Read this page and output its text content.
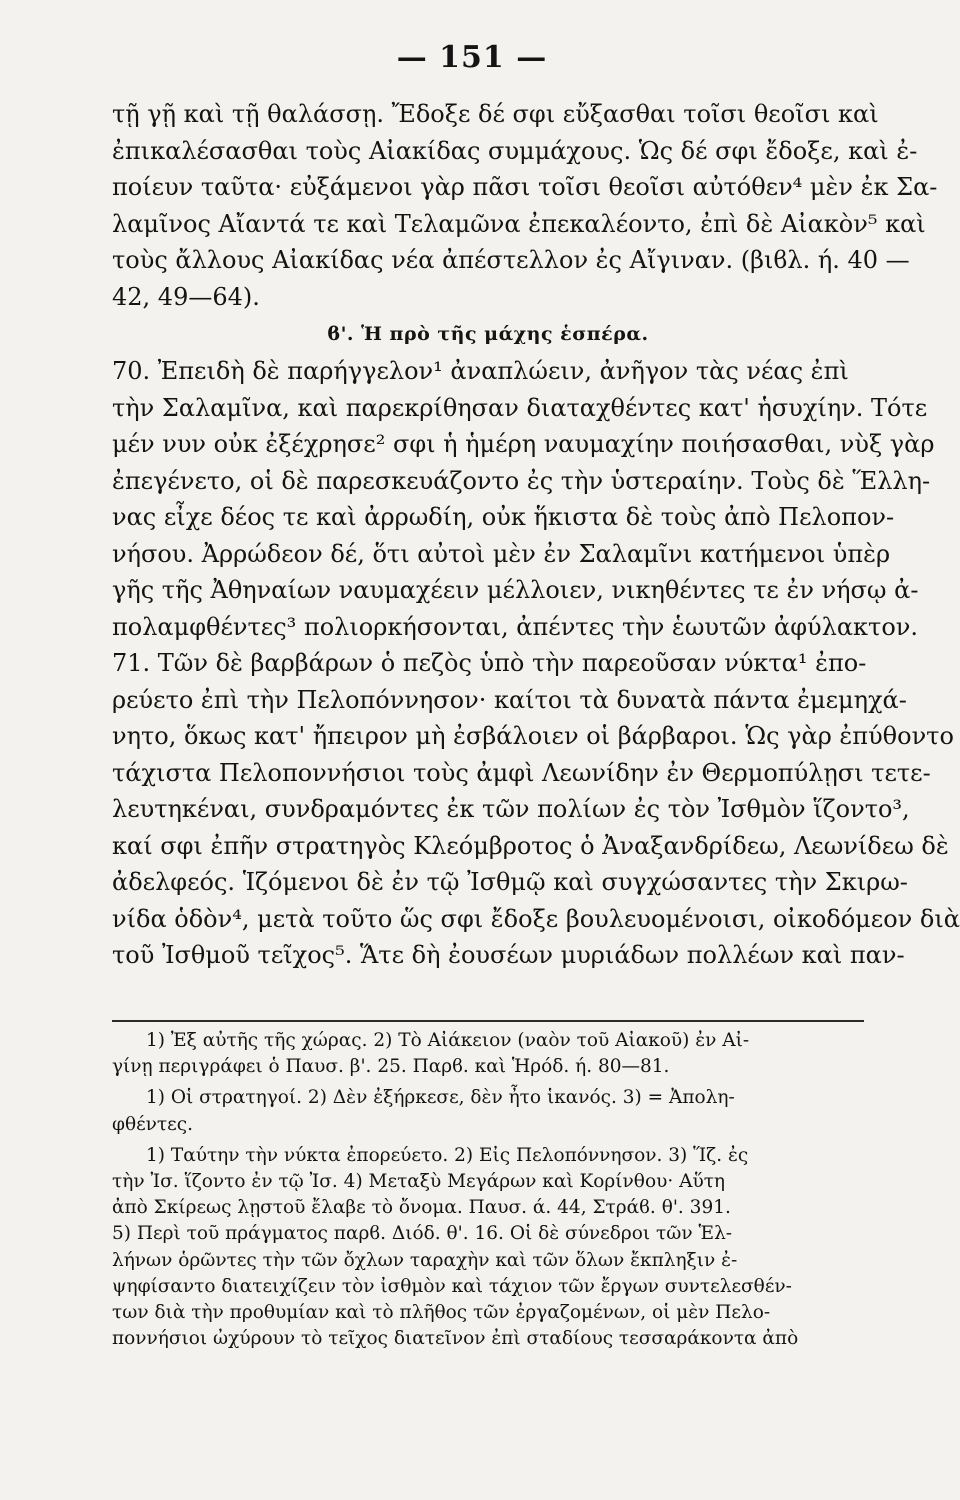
— 151 —
τῇ γῇ καὶ τῇ θαλάσσῃ. Ἔδοξε δέ σφι εὔξασθαι τοῖσι θεοῖσι καὶ
ἐπικαλέσασθαι τοὺς Αἰακίδας συμμάχους. Ὡς δέ σφι ἔδοξε, καὶ ἐ-
ποίευν ταῦτα· εὐξάμενοι γὰρ πᾶσι τοῖσι θεοῖσι αὐτόθεν⁴ μὲν ἐκ Σα-
λαμῖνος Αἴαντά τε καὶ Τελαμῶνα ἐπεκαλέοντο, ἐπὶ δὲ Αἰακὸν⁵ καὶ
τοὺς ἄλλους Αἰακίδας νέα ἀπέστελλον ἐς Αἴγιναν. (βιϐλ. ή. 40 —
42, 49—64).
ϐ'. Ἡ πρὸ τῆς μάχης ἑσπέρα.
70. Ἐπειδὴ δὲ παρήγγελον¹ ἀναπλώειν, ἀνῆγον τὰς νέας ἐπὶ
τὴν Σαλαμῖνα, καὶ παρεκρίθησαν διαταχθέντες κατ' ἡσυχίην. Τότε
μέν νυν οὐκ ἐξέχρησε² σφι ἡ ἡμέρη ναυμαχίην ποιήσασθαι, νὺξ γὰρ
ἐπεγένετο, οἱ δὲ παρεσκευάζοντο ἐς τὴν ὑστεραίην. Τοὺς δὲ Ἕλλη-
νας εἶχε δέος τε καὶ ἀρρωδίη, οὐκ ἥκιστα δὲ τοὺς ἀπὸ Πελοπον-
νήσου. Ἀρρώδεον δέ, ὅτι αὐτοὶ μὲν ἐν Σαλαμῖνι κατήμενοι ὑπὲρ
γῆς τῆς Ἀθηναίων ναυμαχέειν μέλλοιεν, νικηθέντες τε ἐν νήσῳ ἀ-
πολαμφθέντες³ πολιορκήσονται, ἀπέντες τὴν ἑωυτῶν ἀφύλακτον.
71. Τῶν δὲ βαρβάρων ὁ πεζὸς ὑπὸ τὴν παρεοῦσαν νύκτα¹ ἐπο-
ρεύετο ἐπὶ τὴν Πελοπόννησον· καίτοι τὰ δυνατὰ πάντα ἐμεμηχά-
νητο, ὅκως κατ' ἤπειρον μὴ ἐσβάλοιεν οἱ βάρβαροι. Ὡς γὰρ ἐπύθοντο
τάχιστα Πελοποννήσιοι τοὺς ἀμφὶ Λεωνίδην ἐν Θερμοπύλῃσι τετε-
λευτηκέναι, συνδραμόντες ἐκ τῶν πολίων ἐς τὸν Ἰσθμὸν ἵζοντο³,
καί σφι ἐπῆν στρατηγὸς Κλεόμβροτος ὁ Ἀναξανδρίδεω, Λεωνίδεω δὲ
ἀδελφεός. Ἱζόμενοι δὲ ἐν τῷ Ἰσθμῷ καὶ συγχώσαντες τὴν Σκιρω-
νίδα ὁδὸν⁴, μετὰ τοῦτο ὥς σφι ἔδοξε βουλευομένοισι, οἰκοδόμεον διὰ
τοῦ Ἰσθμοῦ τεῖχος⁵. Ἅτε δὴ ἐουσέων μυριάδων πολλέων καὶ παν-
1) Ἐξ αὐτῆς τῆς χώρας. 2) Τὸ Αἰάκειον (ναὸν τοῦ Αἰακοῦ) ἐν Αἰ-
γίνῃ περιγράφει ὁ Παυσ. β'. 25. Παρϐ. καὶ Ἡρόδ. ή. 80—81.
1) Οἱ στρατηγοί. 2) Δὲν ἐξήρκεσε, δὲν ἦτο ἱκανός. 3) = Ἀπολη-
φθέντες.
1) Ταύτην τὴν νύκτα ἐπορεύετο. 2) Εἰς Πελοπόννησον. 3) Ἵζ. ἐς
τὴν Ἰσ. ἵζοντο ἐν τῷ Ἰσ. 4) Μεταξὺ Μεγάρων καὶ Κορίνθου· Αὕτη
ἀπὸ Σκίρεως λῃστοῦ ἔλαβε τὸ ὄνομα. Παυσ. ά. 44, Στράϐ. θ'. 391.
5) Περὶ τοῦ πράγματος παρϐ. Διόδ. θ'. 16. Οἱ δὲ σύνεδροι τῶν Ἑλ-
λήνων ὁρῶντες τὴν τῶν ὄχλων ταραχὴν καὶ τῶν ὅλων ἔκπληξιν ἐ-
ψηφίσαντο διατειχίζειν τὸν ἰσθμὸν καὶ τάχιον τῶν ἔργων συντελεσθέν-
των διὰ τὴν προθυμίαν καὶ τὸ πλῆθος τῶν ἐργαζομένων, οἱ μὲν Πελο-
ποννήσιοι ὠχύρουν τὸ τεῖχος διατεῖνον ἐπὶ σταδίους τεσσαράκοντα ἀπὸ
